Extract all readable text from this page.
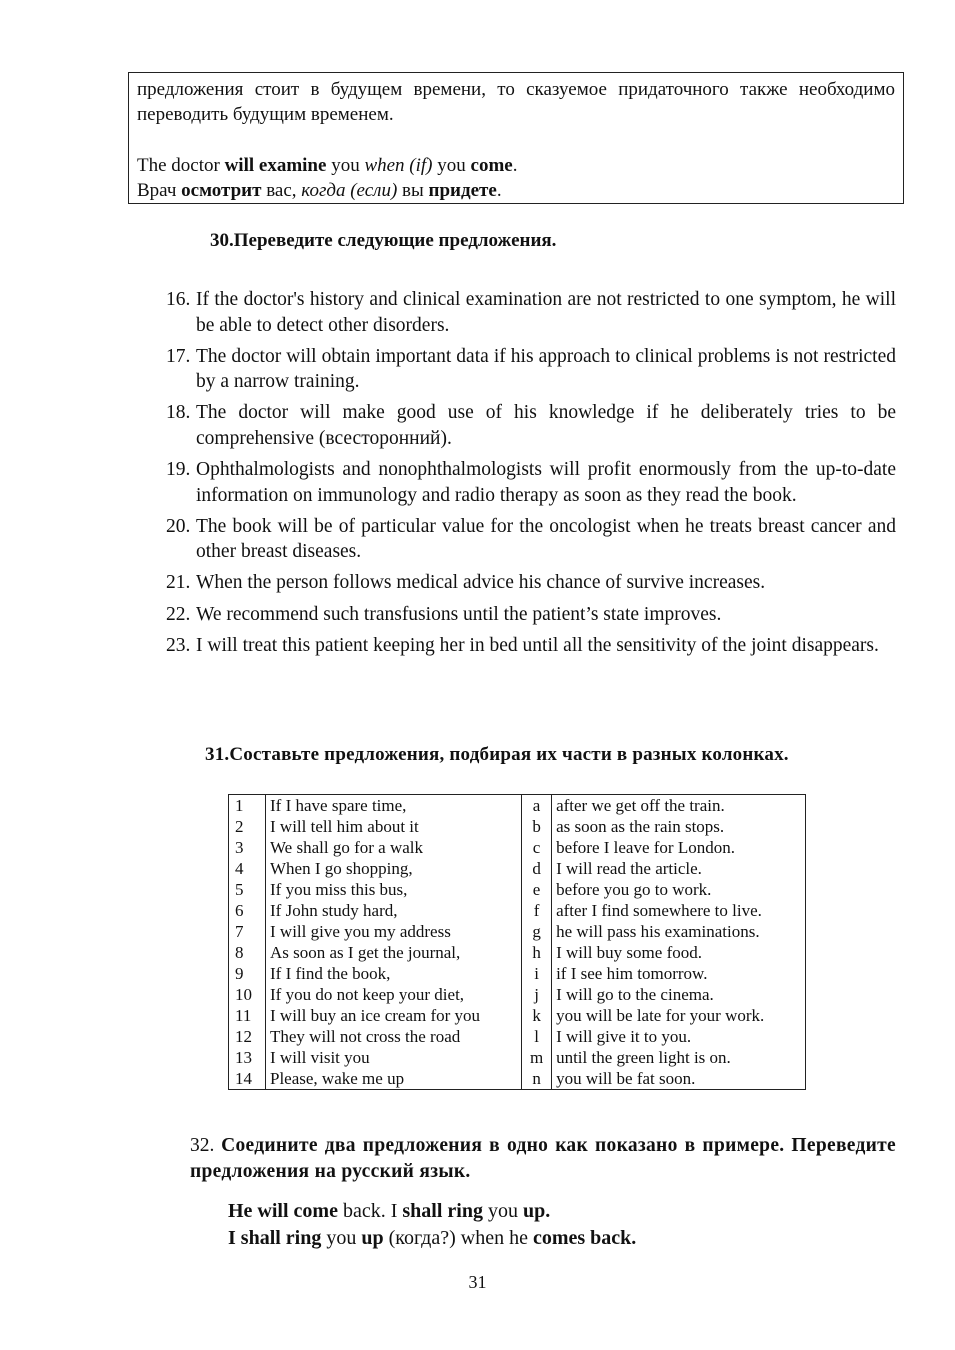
предложения стоит в будущем времени, то сказуемое придаточного также необходимо переводить будущим временем.

The doctor will examine you when (if) you come.

Врач осмотрит вас, когда (если) вы придете.

30.Переведите следующие предложения.
16. If the doctor's history and clinical examination are not restricted to one symptom, he will be able to detect other disorders.
17. The doctor will obtain important data if his approach to clinical problems is not restricted by a narrow training.
18. The doctor will make good use of his knowledge if he deliberately tries to be comprehensive (всесторонний).
19. Ophthalmologists and nonophthalmologists will profit enormously from the up-to-date information on immunology and radio therapy as soon as they read the book.
20. The book will be of particular value for the oncologist when he treats breast cancer and other breast diseases.
21. When the person follows medical advice his chance of survive increases.
22. We recommend such transfusions until the patient’s state improves.
23. I will treat this patient keeping her in bed until all the sensitivity of the joint disappears.
31.Составьте предложения, подбирая их части в разных колонках.
1	If I have spare time,	a	after we get off the train.
2	I will tell him about it	b	as soon as the rain stops.
3	We shall go for a walk	c	before I leave for London.
4	When I go shopping,	d	I will read the article.
5	If you miss this bus,	e	before you go to work.
6	If John study hard,	f	after I find somewhere to live.
7	I will give you my address	g	he will pass his examinations.
8	As soon as I get the journal,	h	I will buy some food.
9	If I find the book,	i	if I see him tomorrow.
10	If you do not keep your diet,	j	I will go to the cinema.
11	I will buy an ice cream for you	k	you will be late for your work.
12	They will not cross the road	l	I will give it to you.
13	I will visit you	m	until the green light is on.
14	Please, wake me up	n	you will be fat soon.
32. Соедините два предложения в одно как показано в примере. Переведите предложения на русский язык.
He will come back. I shall ring you up.
I shall ring you up (когда?) when he comes back.
31
